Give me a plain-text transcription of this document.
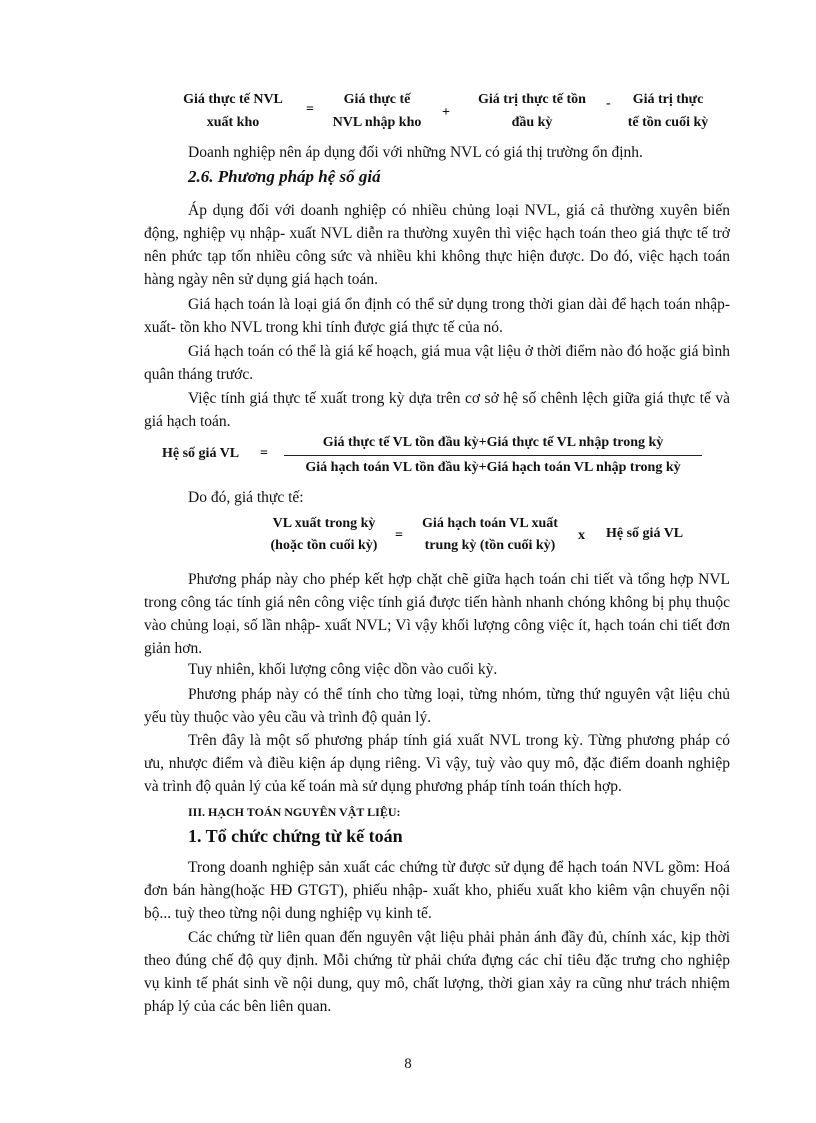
Giá thực tế NVL
xuất kho
=
Giá thực tế
NVL nhập kho
+
Giá trị thực tế tồn
đầu kỳ
-	Giá trị thực
tế tồn cuối kỳ

Doanh nghiệp nên áp dụng đối với những NVL có giá thị trường ổn định.

2.6. Phương pháp hệ số giá

Áp dụng đối với doanh nghiệp có nhiều chủng loại NVL, giá cả thường xuyên biến động, nghiệp vụ nhập- xuất NVL diễn ra thường xuyên thì việc hạch toán theo giá thực tế trở nên phức tạp tốn nhiều công sức và nhiều khi không thực hiện được. Do đó, việc hạch toán hàng ngày nên sử dụng giá hạch toán.

Giá hạch toán là loại giá ổn định có thể sử dụng trong thời gian dài để hạch toán nhập- xuất- tồn kho NVL trong khi tính được giá thực tế của nó.

Giá hạch toán có thể là giá kế hoạch, giá mua vật liệu ở thời điểm nào đó hoặc giá bình quân tháng trước.

Việc tính giá thực tế xuất trong kỳ dựa trên cơ sở hệ số chênh lệch giữa giá thực tế và giá hạch toán.

Hệ số giá VL =
Giá thực tế VL tồn đầu kỳ+Giá thực tế VL nhập trong kỳ
Giá hạch toán VL tồn đầu kỳ+Giá hạch toán VL nhập trong kỳ

Do đó, giá thực tế:

VL xuất trong kỳ
(hoặc tồn cuối kỳ)
=
Giá hạch toán VL xuất
trung kỳ (tồn cuối kỳ)
x Hệ số giá VL

Phương pháp này cho phép kết hợp chặt chẽ giữa hạch toán chi tiết và tổng hợp NVL trong công tác tính giá nên công việc tính giá được tiến hành nhanh chóng không bị phụ thuộc vào chủng loại, số lần nhập- xuất NVL; Vì vậy khối lượng công việc ít, hạch toán chi tiết đơn giản hơn.

Tuy nhiên, khối lượng công việc dồn vào cuối kỳ.

Phương pháp này có thể tính cho từng loại, từng nhóm, từng thứ nguyên vật liệu chủ yếu tùy thuộc vào yêu cầu và trình độ quản lý.

Trên đây là một số phương pháp tính giá xuất NVL trong kỳ. Từng phương pháp có ưu, nhược điểm và điều kiện áp dụng riêng. Vì vậy, tuỳ vào quy mô, đặc điểm doanh nghiệp và trình độ quản lý của kế toán mà sử dụng phương pháp tính toán thích hợp.

III. HẠCH TOÁN NGUYÊN VẬT LIỆU:

1. Tổ chức chứng từ kế toán

Trong doanh nghiệp sản xuất các chứng từ được sử dụng để hạch toán NVL gồm: Hoá đơn bán hàng(hoặc HĐ GTGT), phiếu nhập- xuất kho, phiếu xuất kho kiêm vận chuyển nội bộ... tuỳ theo từng nội dung nghiệp vụ kinh tế.

Các chứng từ liên quan đến nguyên vật liệu phải phản ánh đầy đủ, chính xác, kịp thời theo đúng chế độ quy định. Mỗi chứng từ phải chứa đựng các chỉ tiêu đặc trưng cho nghiệp vụ kinh tế phát sinh về nội dung, quy mô, chất lượng, thời gian xảy ra cũng như trách nhiệm pháp lý của các bên liên quan.

8
